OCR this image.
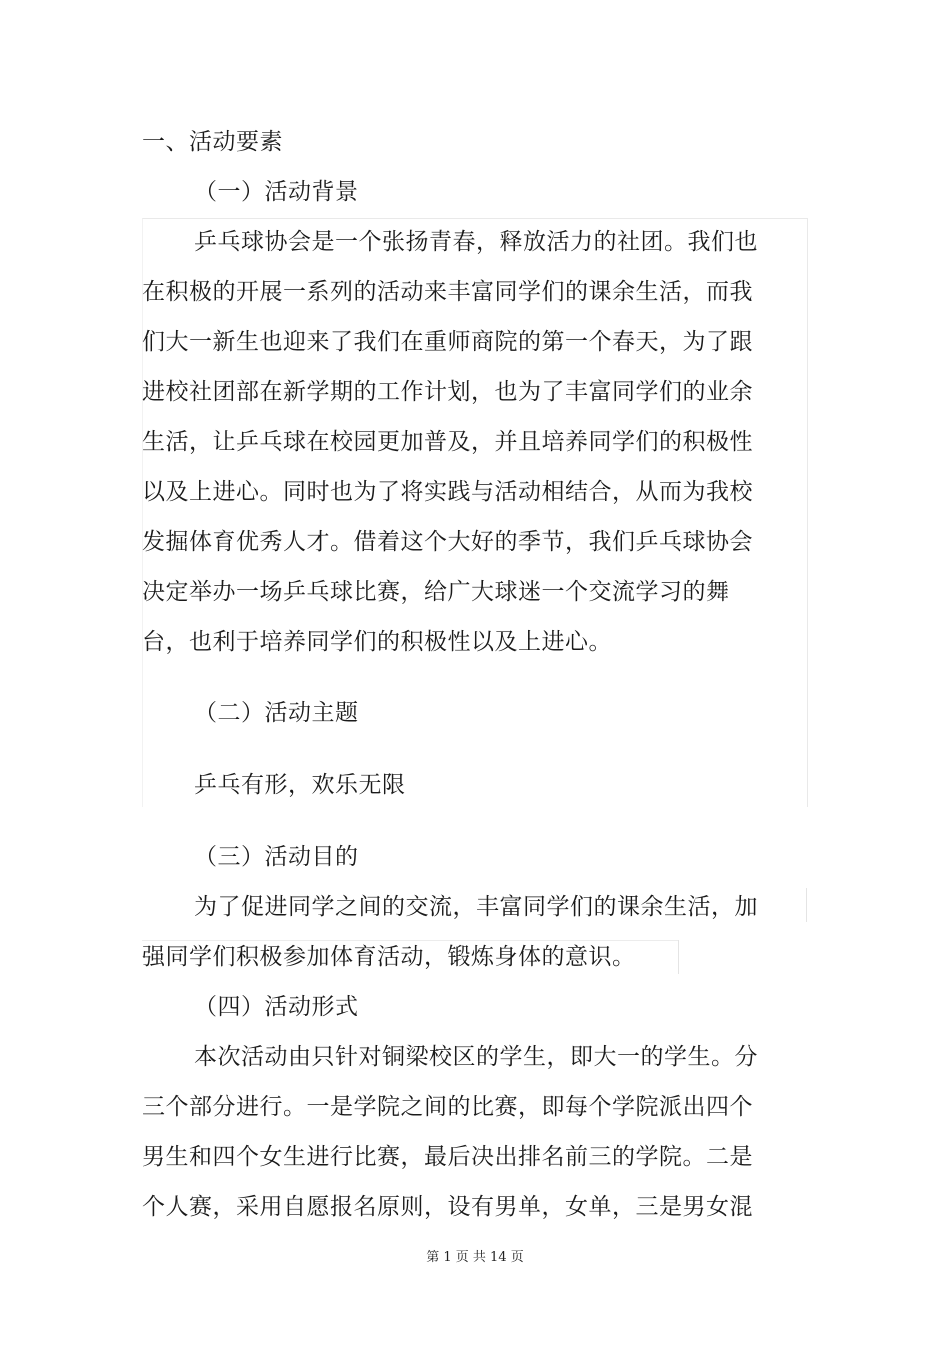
一、活动要素
（一）活动背景
乒乓球协会是一个张扬青春，释放活力的社团。我们也
在积极的开展一系列的活动来丰富同学们的课余生活，而我
们大一新生也迎来了我们在重师商院的第一个春天，为了跟
进校社团部在新学期的工作计划，也为了丰富同学们的业余
生活，让乒乓球在校园更加普及，并且培养同学们的积极性
以及上进心。同时也为了将实践与活动相结合，从而为我校
发掘体育优秀人才。借着这个大好的季节，我们乒乓球协会
决定举办一场乒乓球比赛，给广大球迷一个交流学习的舞
台，也利于培养同学们的积极性以及上进心。
（二）活动主题
乒乓有形，欢乐无限
（三）活动目的
为了促进同学之间的交流，丰富同学们的课余生活，加
强同学们积极参加体育活动，锻炼身体的意识。
（四）活动形式
本次活动由只针对铜梁校区的学生，即大一的学生。分
三个部分进行。一是学院之间的比赛，即每个学院派出四个
男生和四个女生进行比赛，最后决出排名前三的学院。二是
个人赛，采用自愿报名原则，设有男单，女单，三是男女混
第 1 页 共 14 页
